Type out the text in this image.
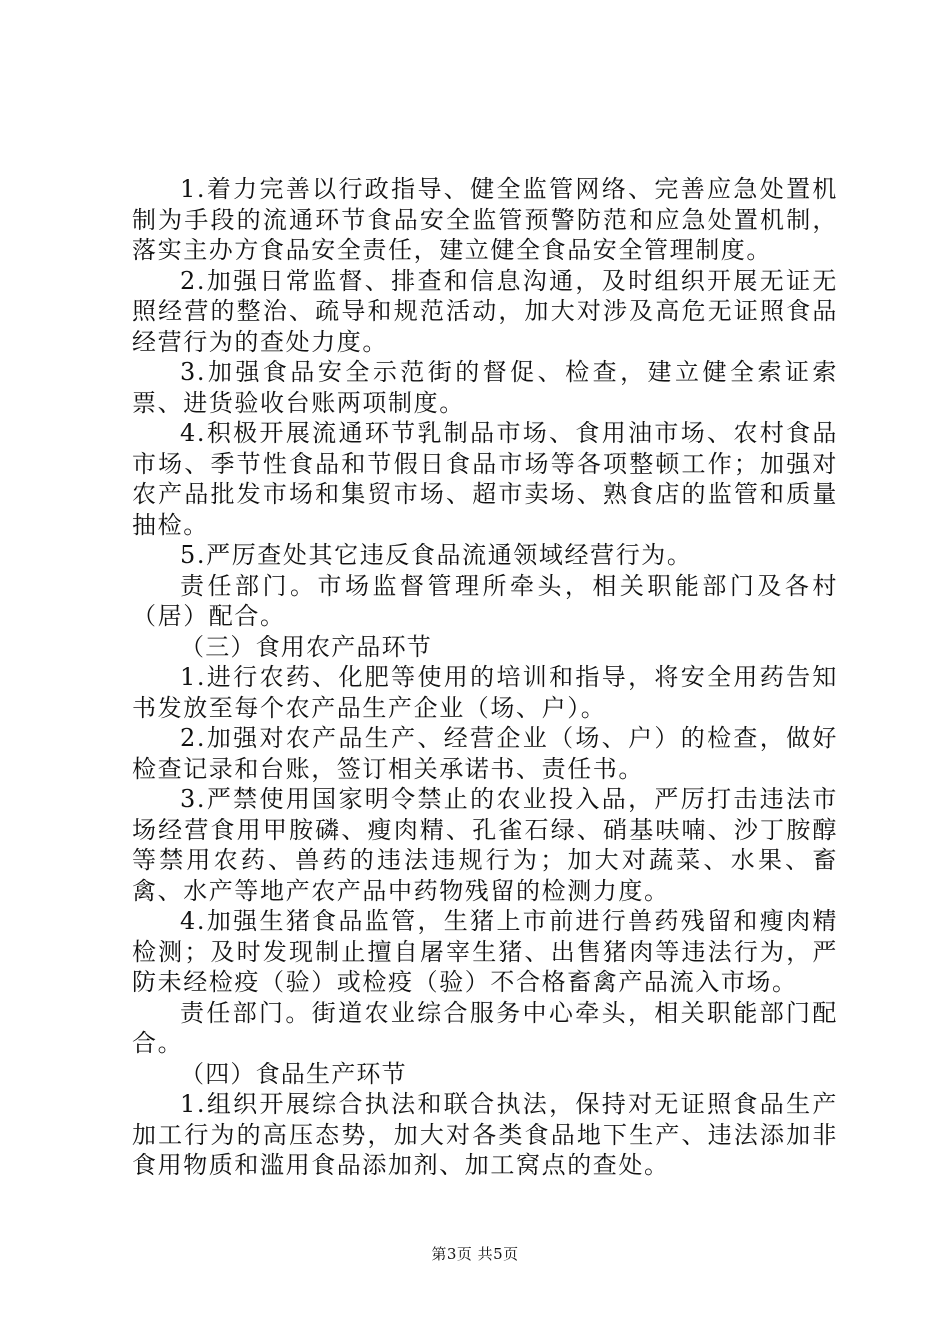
1.着力完善以行政指导、健全监管网络、完善应急处置机制为手段的流通环节食品安全监管预警防范和应急处置机制，落实主办方食品安全责任，建立健全食品安全管理制度。

2.加强日常监督、排查和信息沟通，及时组织开展无证无照经营的整治、疏导和规范活动，加大对涉及高危无证照食品经营行为的查处力度。

3.加强食品安全示范街的督促、检查，建立健全索证索票、进货验收台账两项制度。

4.积极开展流通环节乳制品市场、食用油市场、农村食品市场、季节性食品和节假日食品市场等各项整顿工作；加强对农产品批发市场和集贸市场、超市卖场、熟食店的监管和质量抽检。

5.严厉查处其它违反食品流通领域经营行为。

责任部门。市场监督管理所牵头，相关职能部门及各村（居）配合。

（三）食用农产品环节

1.进行农药、化肥等使用的培训和指导，将安全用药告知书发放至每个农产品生产企业（场、户）。

2.加强对农产品生产、经营企业（场、户）的检查，做好检查记录和台账，签订相关承诺书、责任书。

3.严禁使用国家明令禁止的农业投入品，严厉打击违法市场经营食用甲胺磷、瘦肉精、孔雀石绿、硝基呋喃、沙丁胺醇等禁用农药、兽药的违法违规行为；加大对蔬菜、水果、畜禽、水产等地产农产品中药物残留的检测力度。

4.加强生猪食品监管，生猪上市前进行兽药残留和瘦肉精检测；及时发现制止擅自屠宰生猪、出售猪肉等违法行为，严防未经检疫（验）或检疫（验）不合格畜禽产品流入市场。

责任部门。街道农业综合服务中心牵头，相关职能部门配合。

（四）食品生产环节

1.组织开展综合执法和联合执法，保持对无证照食品生产加工行为的高压态势，加大对各类食品地下生产、违法添加非食用物质和滥用食品添加剂、加工窝点的查处。

第3页 共5页
